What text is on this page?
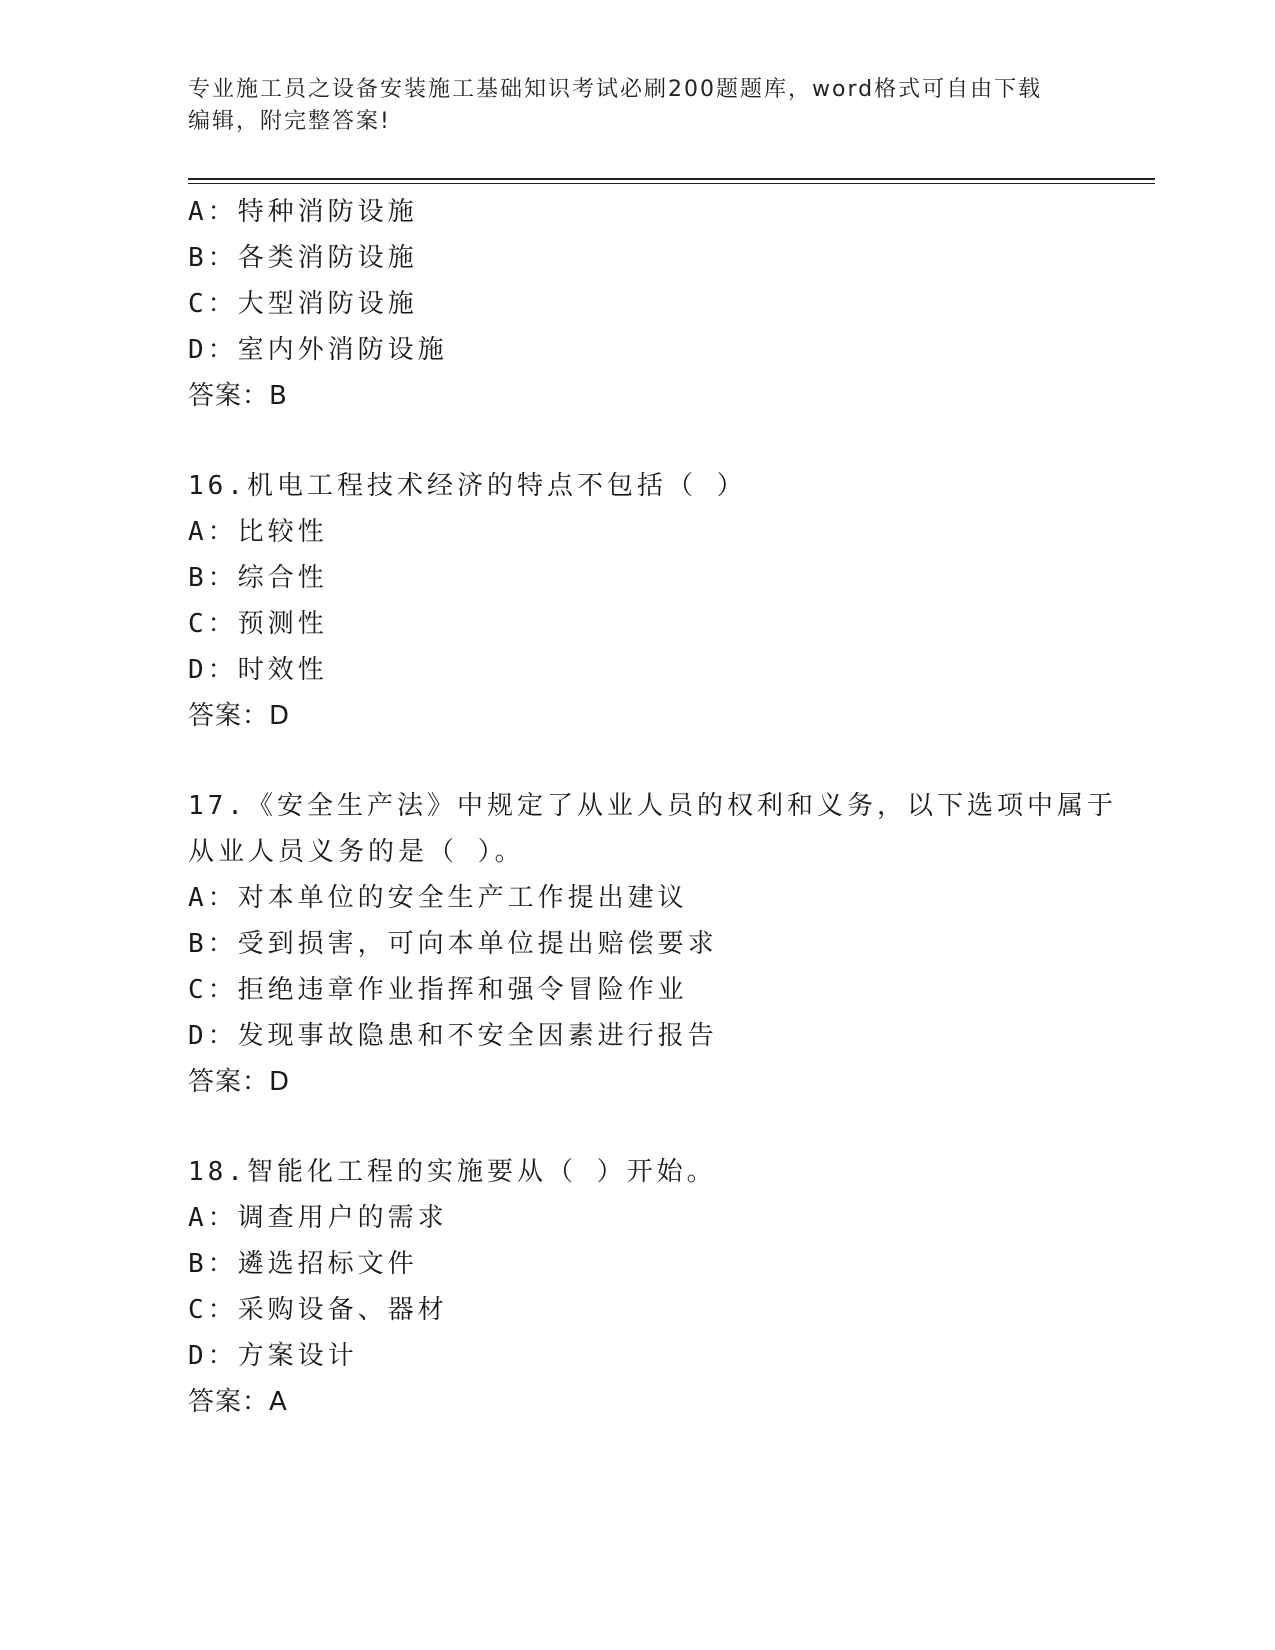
专业施工员之设备安装施工基础知识考试必刷200题题库，word格式可自由下载
编辑，附完整答案!
A：特种消防设施
B：各类消防设施
C：大型消防设施
D：室内外消防设施
答案：B
16.机电工程技术经济的特点不包括（ ）
A：比较性
B：综合性
C：预测性
D：时效性
答案：D
17.《安全生产法》中规定了从业人员的权利和义务，以下选项中属于
从业人员义务的是（ ）。
A：对本单位的安全生产工作提出建议
B：受到损害，可向本单位提出赔偿要求
C：拒绝违章作业指挥和强令冒险作业
D：发现事故隐患和不安全因素进行报告
答案：D
18.智能化工程的实施要从（ ）开始。
A：调查用户的需求
B：遴选招标文件
C：采购设备、器材
D：方案设计
答案：A
